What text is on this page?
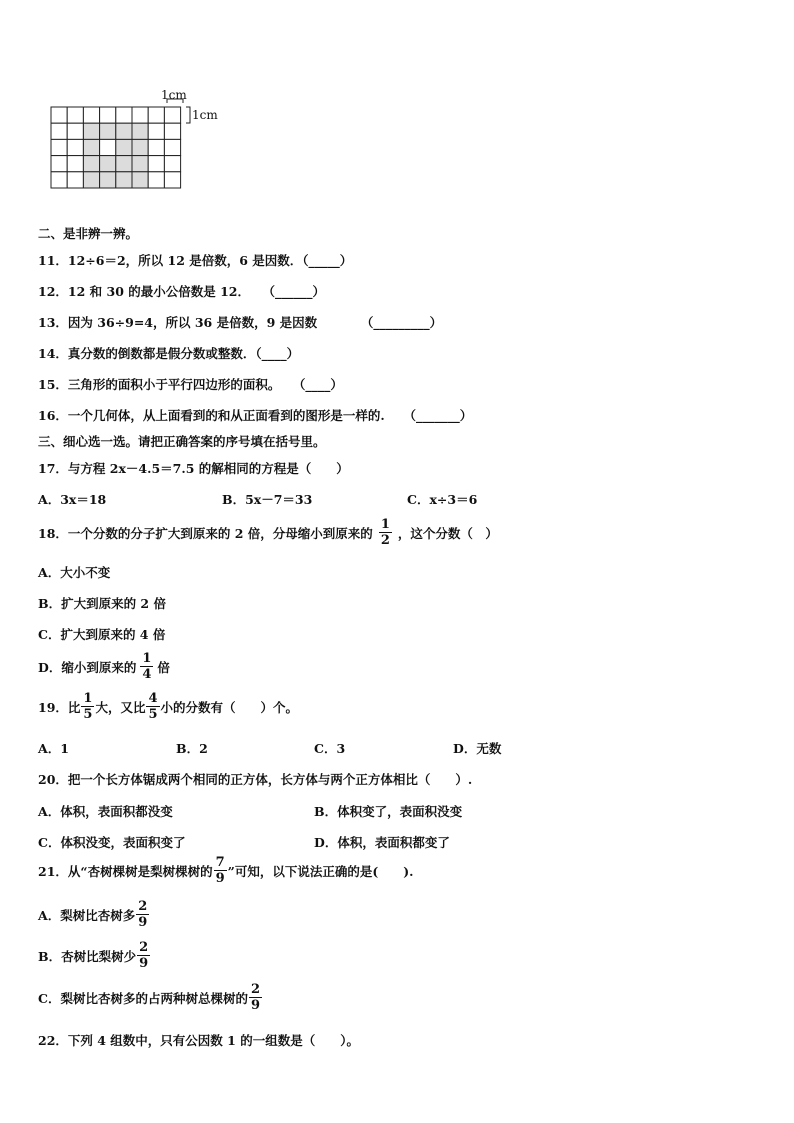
1cm
1cm
二、是非辨一辨。
11．12÷6＝2，所以 12 是倍数，6 是因数．（_____）
12．12 和 30 的最小公倍数是 12．　　（______）
13．因为 36÷9=4，所以 36 是倍数，9 是因数　　　　（_________）
14．真分数的倒数都是假分数或整数．（____）
15．三角形的面积小于平行四边形的面积。　　（____）
16．一个几何体，从上面看到的和从正面看到的图形是一样的.　　（_______）
三、细心选一选。请把正确答案的序号填在括号里。
17．与方程 2x－4.5＝7.5 的解相同的方程是（　　）
A．3x＝18	B．5x－7＝33	C．x÷3＝6
18．一个分数的分子扩大到原来的 2 倍，分母缩小到原来的 $\frac{1}{2}$ ，这个分数（　）
A．大小不变
B．扩大到原来的 2 倍
C．扩大到原来的 4 倍
D．缩小到原来的 $\frac{1}{4}$ 倍
19．比 $\frac{1}{5}$ 大，又比 $\frac{4}{5}$ 小的分数有（　　）个。
A．1	B．2	C．3	D．无数
20．把一个长方体锯成两个相同的正方体，长方体与两个正方体相比（　　）.
A．体积，表面积都没变	B．体积变了，表面积没变
C．体积没变，表面积变了	D．体积，表面积都变了
21．从“杏树棵树是梨树棵树的 $\frac{7}{9}$ ”可知，以下说法正确的是(　　).
A．梨树比杏树多 $\frac{2}{9}$
B．杏树比梨树少 $\frac{2}{9}$
C．梨树比杏树多的占两种树总棵树的 $\frac{2}{9}$
22．下列 4 组数中，只有公因数 1 的一组数是（　　）。
